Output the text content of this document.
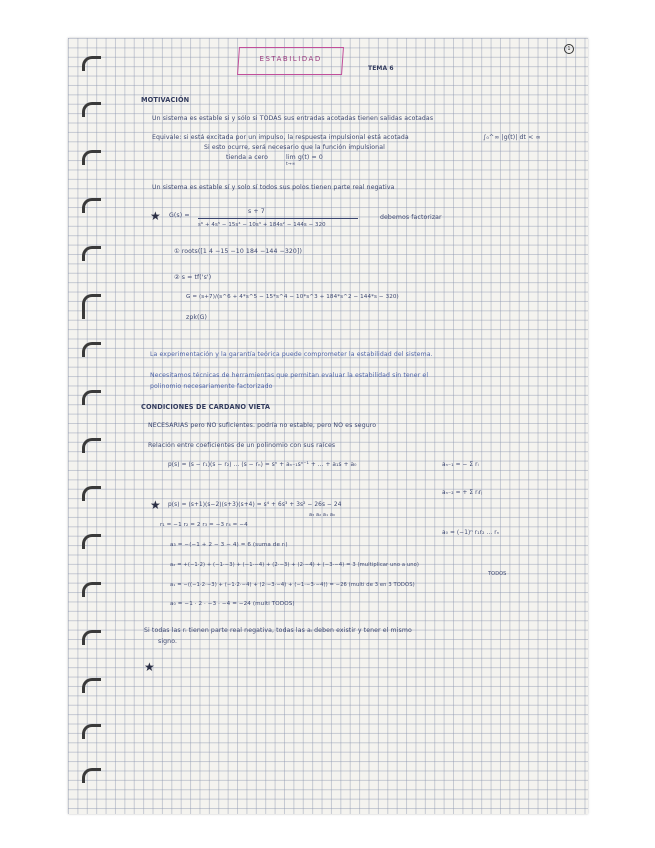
1
ESTABILIDAD
TEMA 6
MOTIVACIÓN
Un sistema es estable si y sólo si TODAS sus entradas acotadas tienen salidas acotadas
Equivale: si está excitada por un impulso, la respuesta impulsional está acotada	∫₀^∞ |g(t)| dt < ∞
Si esto ocurre, será necesario que la función impulsional
tienda a cero	lim g(t) = 0
t→∞
Un sistema es estable sí y solo sí todos sus polos tienen parte real negativa
★ G(s) =
s + 7
s⁶ + 4s⁵ − 15s⁴ − 10s³ + 184s² − 144s − 320
debemos factorizar
① roots([1 4 −15 −10 184 −144 −320])
② s = tf('s')
G = (s+7)/(s^6 + 4*s^5 − 15*s^4 − 10*s^3 + 184*s^2 − 144*s − 320)
zpk(G)
La experimentación y la garantía teórica puede comprometer la estabilidad del sistema.
Necesitamos técnicas de herramientas que permitan evaluar la estabilidad sin tener el
polinomio necesariamente factorizado
CONDICIONES DE CARDANO VIETA
NECESARIAS pero NO suficientes. podría no estable, pero NO es seguro
Relación entre coeficientes de un polinomio con sus raíces
p(s) = (s − r₁)(s − r₂) ... (s − rₙ) = sⁿ + aₙ₋₁sⁿ⁻¹ + ... + a₁s + a₀	aₙ₋₁ = − Σ rᵢ
aₙ₋₂ = + Σ rᵢrⱼ
★ p(s) = (s+1)(s−2)(s+3)(s+4) = s⁴ + 6s³ + 3s² − 26s − 24
a₃ a₂ a₁ a₀
r₁ = −1 r₂ = 2 r₃ = −3 r₄ = −4
a₀ = (−1)ⁿ r₁r₂ ... rₙ
a₃ = −(−1 + 2 − 3 − 4) = 6 (suma de rᵢ)
a₂ = +(−1·2) + (−1·−3) + (−1·−4) + (2·−3) + (2·−4) + (−3·−4) = 3 (multiplicar uno a uno)
TODOS
a₁ = −((−1·2·−3) + (−1·2·−4) + (2·−3·−4) + (−1·−3·−4)) = −26 (multi de 3 en 3 TODOS)
a₀ = −1 · 2 · −3 · −4 = −24 (multi TODOS)
Si todas las rᵢ tienen parte real negativa, todas las aᵢ deben existir y tener el mismo
signo.
★
